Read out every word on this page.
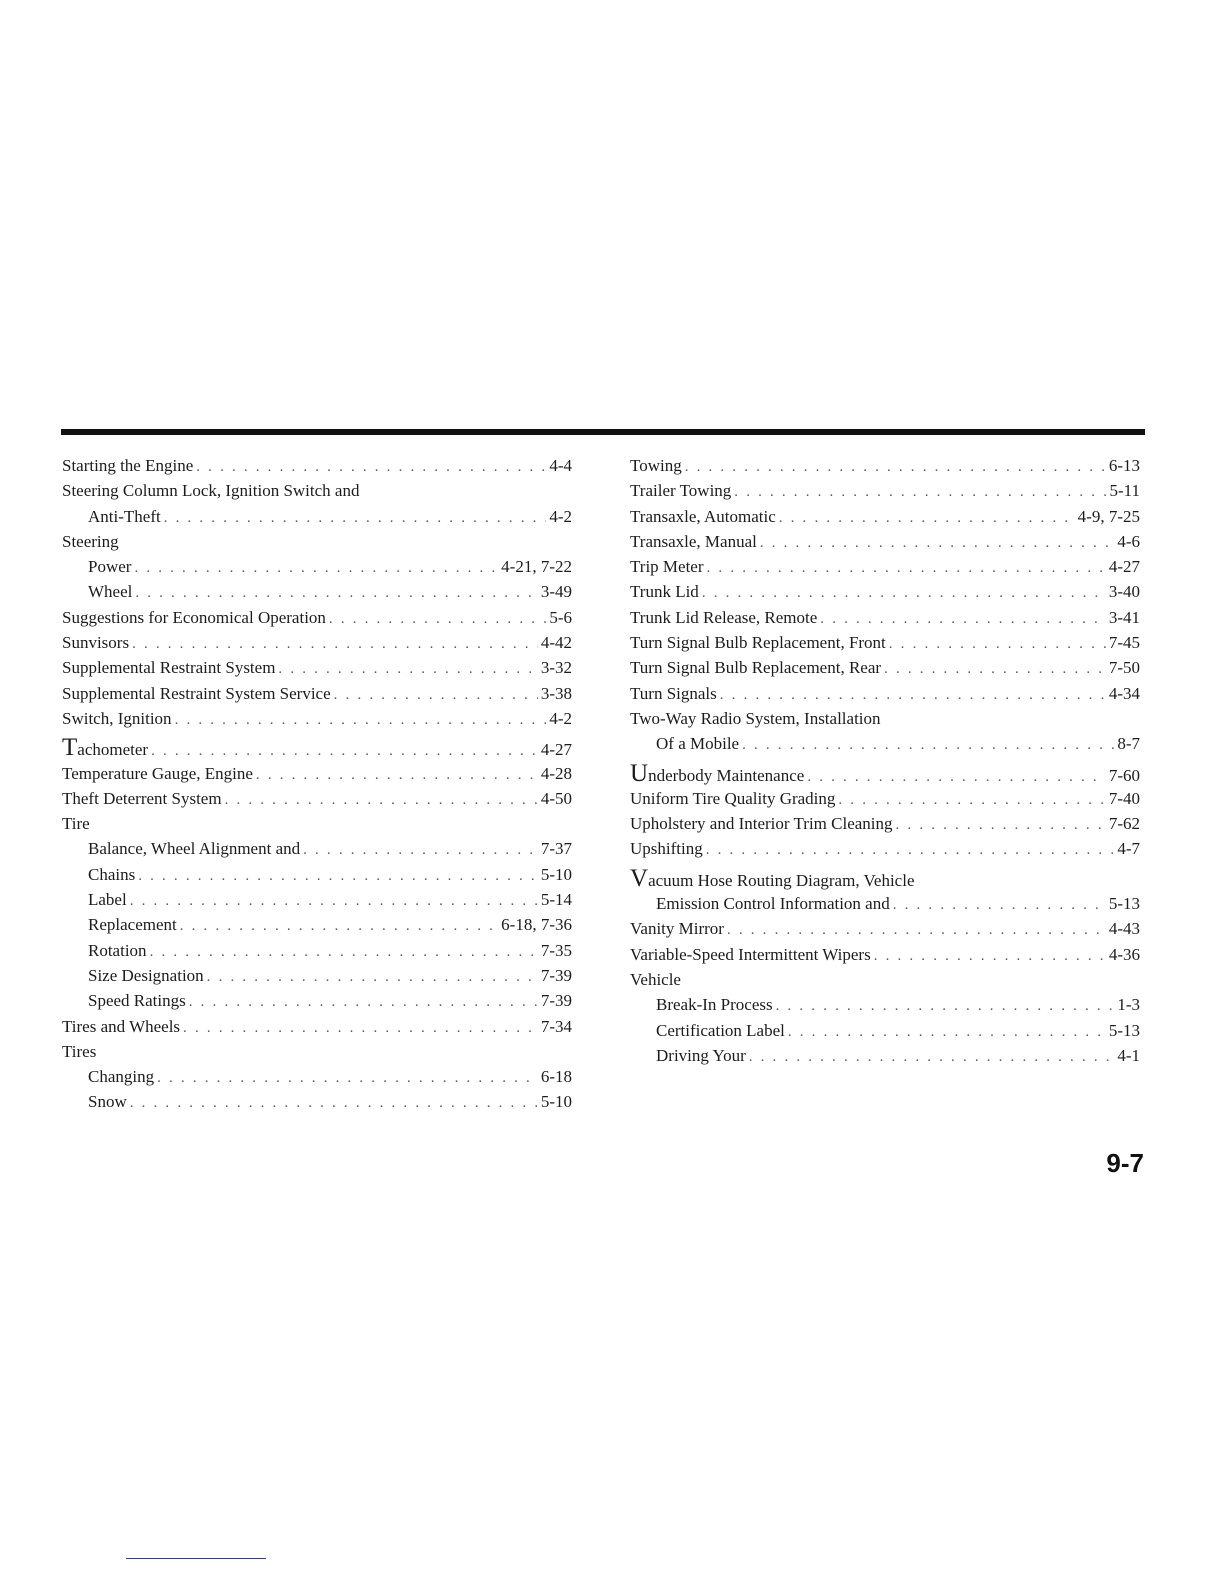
Starting the Engine . . .	4-4
Steering Column Lock, Ignition Switch and
Anti-Theft . . .	4-2
Steering
Power . . .	4-21, 7-22
Wheel . . .	3-49
Suggestions for Economical Operation . . .	5-6
Sunvisors . . .	4-42
Supplemental Restraint System . . .	3-32
Supplemental Restraint System Service . . .	3-38
Switch, Ignition . . .	4-2
Tachometer . . .	4-27
Temperature Gauge, Engine . . .	4-28
Theft Deterrent System . . .	4-50
Tire
Balance, Wheel Alignment and . . .	7-37
Chains . . .	5-10
Label . . .	5-14
Replacement . . .	6-18, 7-36
Rotation . . .	7-35
Size Designation . . .	7-39
Speed Ratings . . .	7-39
Tires and Wheels . . .	7-34
Tires
Changing . . .	6-18
Snow . . .	5-10
Towing . . .	6-13
Trailer Towing . . .	5-11
Transaxle, Automatic . . .	4-9, 7-25
Transaxle, Manual . . .	4-6
Trip Meter . . .	4-27
Trunk Lid . . .	3-40
Trunk Lid Release, Remote . . .	3-41
Turn Signal Bulb Replacement, Front . . .	7-45
Turn Signal Bulb Replacement, Rear . . .	7-50
Turn Signals . . .	4-34
Two-Way Radio System, Installation
Of a Mobile . . .	8-7
Underbody Maintenance . . .	7-60
Uniform Tire Quality Grading . . .	7-40
Upholstery and Interior Trim Cleaning . . .	7-62
Upshifting . . .	4-7
Vacuum Hose Routing Diagram, Vehicle
Emission Control Information and . . .	5-13
Vanity Mirror . . .	4-43
Variable-Speed Intermittent Wipers . . .	4-36
Vehicle
Break-In Process . . .	1-3
Certification Label . . .	5-13
Driving Your . . .	4-1
9-7
